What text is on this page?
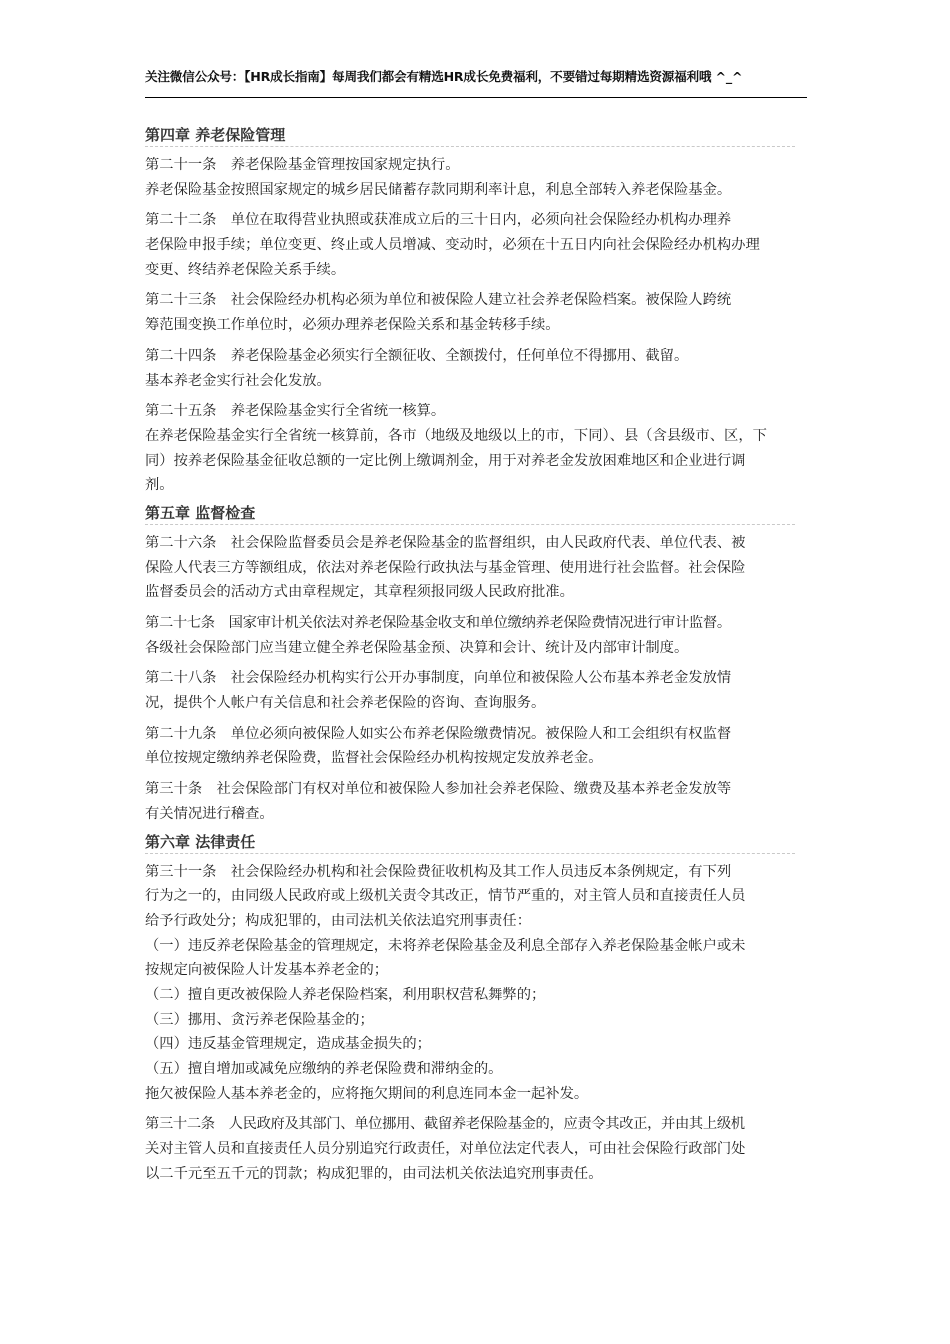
关注微信公众号：【HR成长指南】每周我们都会有精选HR成长免费福利，不要错过每期精选资源福利哦 ^_^
第四章 养老保险管理
第二十一条　养老保险基金管理按国家规定执行。
养老保险基金按照国家规定的城乡居民储蓄存款同期利率计息，利息全部转入养老保险基金。
第二十二条　单位在取得营业执照或获准成立后的三十日内，必须向社会保险经办机构办理养
老保险申报手续；单位变更、终止或人员增减、变动时，必须在十五日内向社会保险经办机构办理
变更、终结养老保险关系手续。
第二十三条　社会保险经办机构必须为单位和被保险人建立社会养老保险档案。被保险人跨统
筹范围变换工作单位时，必须办理养老保险关系和基金转移手续。
第二十四条　养老保险基金必须实行全额征收、全额拨付，任何单位不得挪用、截留。
基本养老金实行社会化发放。
第二十五条　养老保险基金实行全省统一核算。
在养老保险基金实行全省统一核算前，各市（地级及地级以上的市，下同）、县（含县级市、区，下
同）按养老保险基金征收总额的一定比例上缴调剂金，用于对养老金发放困难地区和企业进行调
剂。
第五章 监督检查
第二十六条　社会保险监督委员会是养老保险基金的监督组织，由人民政府代表、单位代表、被
保险人代表三方等额组成，依法对养老保险行政执法与基金管理、使用进行社会监督。社会保险
监督委员会的活动方式由章程规定，其章程须报同级人民政府批准。
第二十七条　国家审计机关依法对养老保险基金收支和单位缴纳养老保险费情况进行审计监督。
各级社会保险部门应当建立健全养老保险基金预、决算和会计、统计及内部审计制度。
第二十八条　社会保险经办机构实行公开办事制度，向单位和被保险人公布基本养老金发放情
况，提供个人帐户有关信息和社会养老保险的咨询、查询服务。
第二十九条　单位必须向被保险人如实公布养老保险缴费情况。被保险人和工会组织有权监督
单位按规定缴纳养老保险费，监督社会保险经办机构按规定发放养老金。
第三十条　社会保险部门有权对单位和被保险人参加社会养老保险、缴费及基本养老金发放等
有关情况进行稽查。
第六章 法律责任
第三十一条　社会保险经办机构和社会保险费征收机构及其工作人员违反本条例规定，有下列
行为之一的，由同级人民政府或上级机关责令其改正，情节严重的，对主管人员和直接责任人员
给予行政处分；构成犯罪的，由司法机关依法追究刑事责任：
（一）违反养老保险基金的管理规定，未将养老保险基金及利息全部存入养老保险基金帐户或未
按规定向被保险人计发基本养老金的；
（二）擅自更改被保险人养老保险档案，利用职权营私舞弊的；
（三）挪用、贪污养老保险基金的；
（四）违反基金管理规定，造成基金损失的；
（五）擅自增加或减免应缴纳的养老保险费和滞纳金的。
拖欠被保险人基本养老金的，应将拖欠期间的利息连同本金一起补发。
第三十二条　人民政府及其部门、单位挪用、截留养老保险基金的，应责令其改正，并由其上级机
关对主管人员和直接责任人员分别追究行政责任，对单位法定代表人，可由社会保险行政部门处
以二千元至五千元的罚款；构成犯罪的，由司法机关依法追究刑事责任。
